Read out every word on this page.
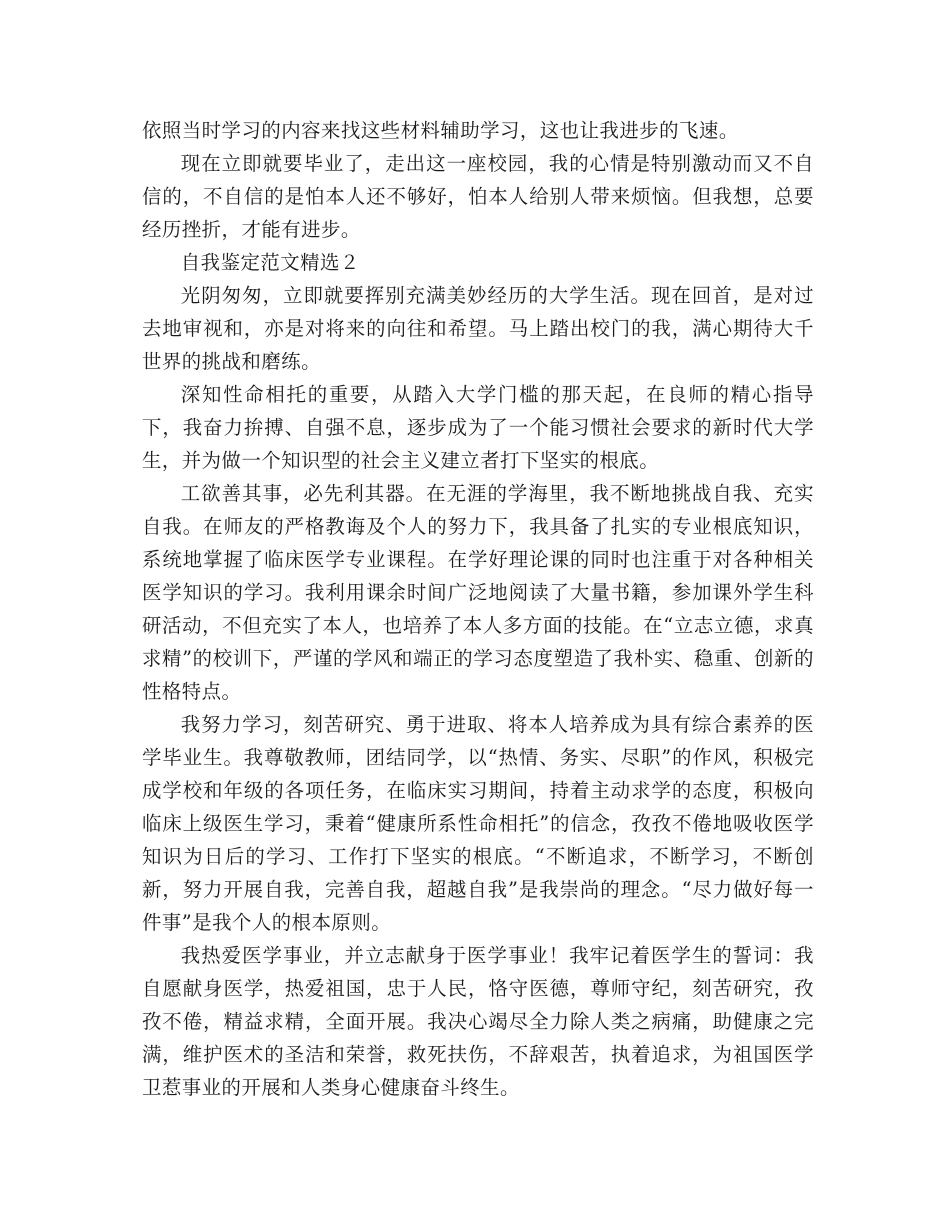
依照当时学习的内容来找这些材料辅助学习，这也让我进步的飞速。

现在立即就要毕业了，走出这一座校园，我的心情是特别激动而又不自信的，不自信的是怕本人还不够好，怕本人给别人带来烦恼。但我想，总要经历挫折，才能有进步。

自我鉴定范文精选２

光阴匆匆，立即就要挥别充满美妙经历的大学生活。现在回首，是对过去地审视和，亦是对将来的向往和希望。马上踏出校门的我，满心期待大千世界的挑战和磨练。

深知性命相托的重要，从踏入大学门槛的那天起，在良师的精心指导下，我奋力拚搏、自强不息，逐步成为了一个能习惯社会要求的新时代大学生，并为做一个知识型的社会主义建立者打下坚实的根底。

工欲善其事，必先利其器。在无涯的学海里，我不断地挑战自我、充实自我。在师友的严格教诲及个人的努力下，我具备了扎实的专业根底知识，系统地掌握了临床医学专业课程。在学好理论课的同时也注重于对各种相关医学知识的学习。我利用课余时间广泛地阅读了大量书籍，参加课外学生科研活动，不但充实了本人，也培养了本人多方面的技能。在“立志立德，求真求精”的校训下，严谨的学风和端正的学习态度塑造了我朴实、稳重、创新的性格特点。

我努力学习，刻苦研究、勇于进取、将本人培养成为具有综合素养的医学毕业生。我尊敬教师，团结同学，以“热情、务实、尽职”的作风，积极完成学校和年级的各项任务，在临床实习期间，持着主动求学的态度，积极向临床上级医生学习，秉着“健康所系性命相托”的信念，孜孜不倦地吸收医学知识为日后的学习、工作打下坚实的根底。“不断追求，不断学习，不断创新，努力开展自我，完善自我，超越自我”是我崇尚的理念。“尽力做好每一件事”是我个人的根本原则。

我热爱医学事业，并立志献身于医学事业！我牢记着医学生的誓词：我自愿献身医学，热爱祖国，忠于人民，恪守医德，尊师守纪，刻苦研究，孜孜不倦，精益求精，全面开展。我决心竭尽全力除人类之病痛，助健康之完满，维护医术的圣洁和荣誉，救死扶伤，不辞艰苦，执着追求，为祖国医学卫惹事业的开展和人类身心健康奋斗终生。
